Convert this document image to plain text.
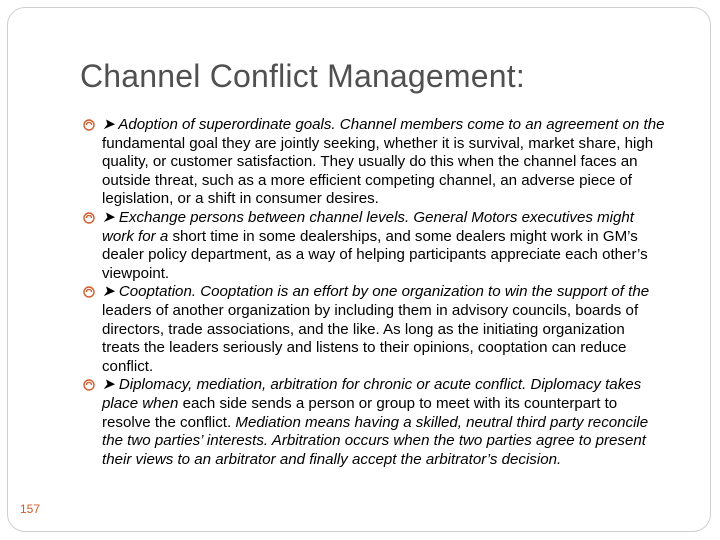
Channel Conflict Management:
➤ Adoption of superordinate goals. Channel members come to an agreement on the fundamental goal they are jointly seeking, whether it is survival, market share, high quality, or customer satisfaction. They usually do this when the channel faces an outside threat, such as a more efficient competing channel, an adverse piece of legislation, or a shift in consumer desires.
➤ Exchange persons between channel levels. General Motors executives might work for a short time in some dealerships, and some dealers might work in GM’s dealer policy department, as a way of helping participants appreciate each other’s viewpoint.
➤ Cooptation. Cooptation is an effort by one organization to win the support of the leaders of another organization by including them in advisory councils, boards of directors, trade associations, and the like. As long as the initiating organization treats the leaders seriously and listens to their opinions, cooptation can reduce conflict.
➤ Diplomacy, mediation, arbitration for chronic or acute conflict. Diplomacy takes place when each side sends a person or group to meet with its counterpart to resolve the conflict. Mediation means having a skilled, neutral third party reconcile the two parties’ interests. Arbitration occurs when the two parties agree to present their views to an arbitrator and finally accept the arbitrator’s decision.
157
